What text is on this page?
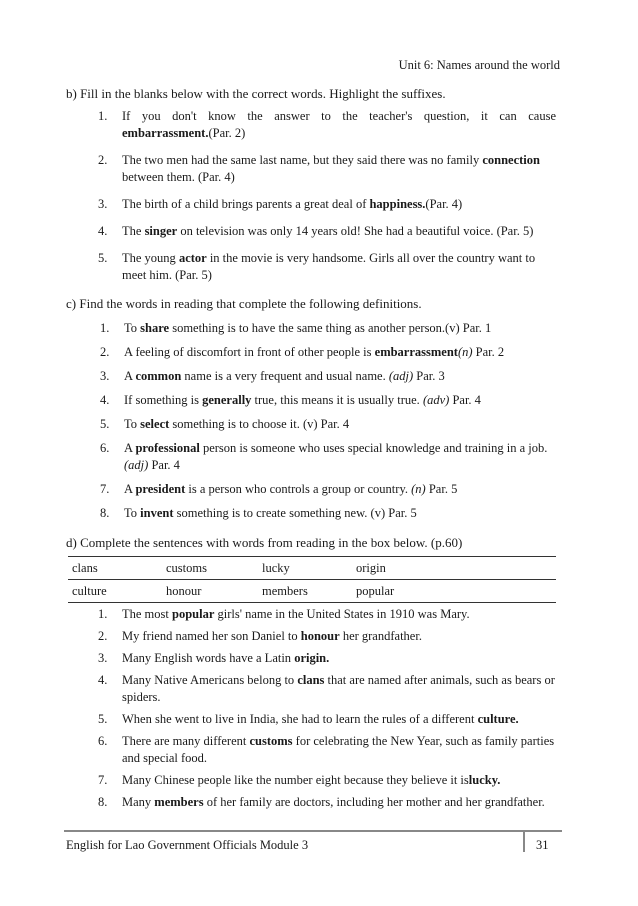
Unit 6: Names around the world
b) Fill in the blanks below with the correct words. Highlight the suffixes.
1. If you don't know the answer to the teacher's question, it can cause
embarrassment.(Par. 2)
2. The two men had the same last name, but they said there was no family connection between them. (Par. 4)
3. The birth of a child brings parents a great deal of happiness.(Par. 4)
4. The singer on television was only 14 years old! She had a beautiful voice. (Par. 5)
5. The young actor in the movie is very handsome. Girls all over the country want to meet him. (Par. 5)
c) Find the words in reading that complete the following definitions.
1. To share something is to have the same thing as another person.(v) Par. 1
2. A feeling of discomfort in front of other people is embarrassment(n) Par. 2
3. A common name is a very frequent and usual name. (adj) Par. 3
4. If something is generally true, this means it is usually true. (adv) Par. 4
5. To select something is to choose it. (v) Par. 4
6. A professional person is someone who uses special knowledge and training in a job. (adj) Par. 4
7. A president is a person who controls a group or country. (n) Par. 5
8. To invent something is to create something new. (v) Par. 5
d) Complete the sentences with words from reading in the box below. (p.60)
clans	customs	lucky	origin
culture	honour	members	popular
1. The most popular girls' name in the United States in 1910 was Mary.
2. My friend named her son Daniel to honour her grandfather.
3. Many English words have a Latin origin.
4. Many Native Americans belong to clans that are named after animals, such as bears or spiders.
5. When she went to live in India, she had to learn the rules of a different culture.
6. There are many different customs for celebrating the New Year, such as family parties and special food.
7. Many Chinese people like the number eight because they believe it islucky.
8. Many members of her family are doctors, including her mother and her grandfather.
English for Lao Government Officials Module 3	31
